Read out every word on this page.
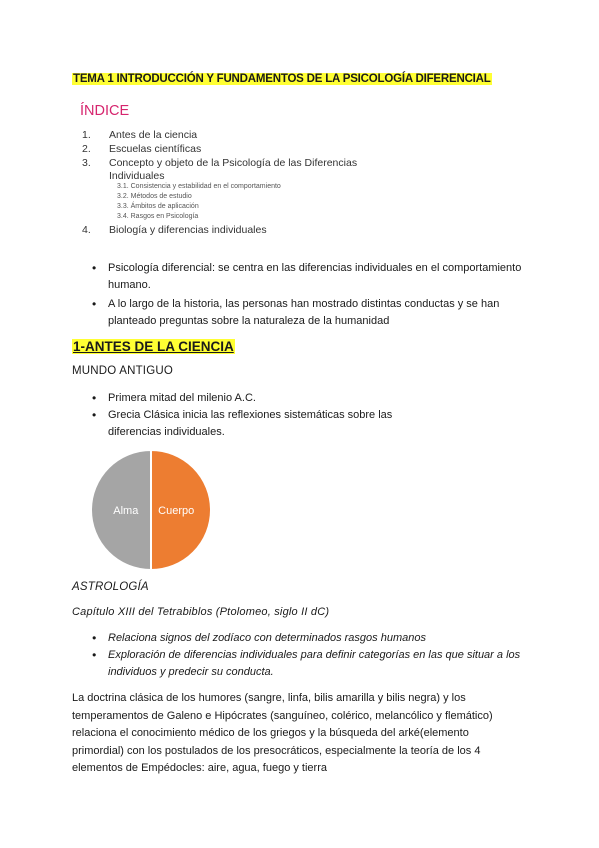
TEMA 1 INTRODUCCIÓN Y FUNDAMENTOS DE LA PSICOLOGÍA DIFERENCIAL
ÍNDICE
1. Antes de la ciencia
2. Escuelas científicas
3. Concepto y objeto de la Psicología de las Diferencias
Individuales
3.1. Consistencia y estabilidad en el comportamiento
3.2. Métodos de estudio
3.3. Ámbitos de aplicación
3.4. Rasgos en Psicología
4. Biología y diferencias individuales
• Psicología diferencial: se centra en las diferencias individuales en el comportamiento
humano.
• A lo largo de la historia, las personas han mostrado distintas conductas y se han
planteado preguntas sobre la naturaleza de la humanidad
1-ANTES DE LA CIENCIA
MUNDO ANTIGUO
• Primera mitad del milenio A.C.
• Grecia Clásica inicia las reflexiones sistemáticas sobre las
diferencias individuales.
Alma Cuerpo
ASTROLOGÍA
Capítulo XIII del Tetrabiblos (Ptolomeo, siglo II dC)
• Relaciona signos del zodíaco con determinados rasgos humanos
• Exploración de diferencias individuales para definir categorías en las que situar a los
individuos y predecir su conducta.
La doctrina clásica de los humores (sangre, linfa, bilis amarilla y bilis negra) y los
temperamentos de Galeno e Hipócrates (sanguíneo, colérico, melancólico y flemático)
relaciona el conocimiento médico de los griegos y la búsqueda del arké(elemento
primordial) con los postulados de los presocráticos, especialmente la teoría de los 4
elementos de Empédocles: aire, agua, fuego y tierra
